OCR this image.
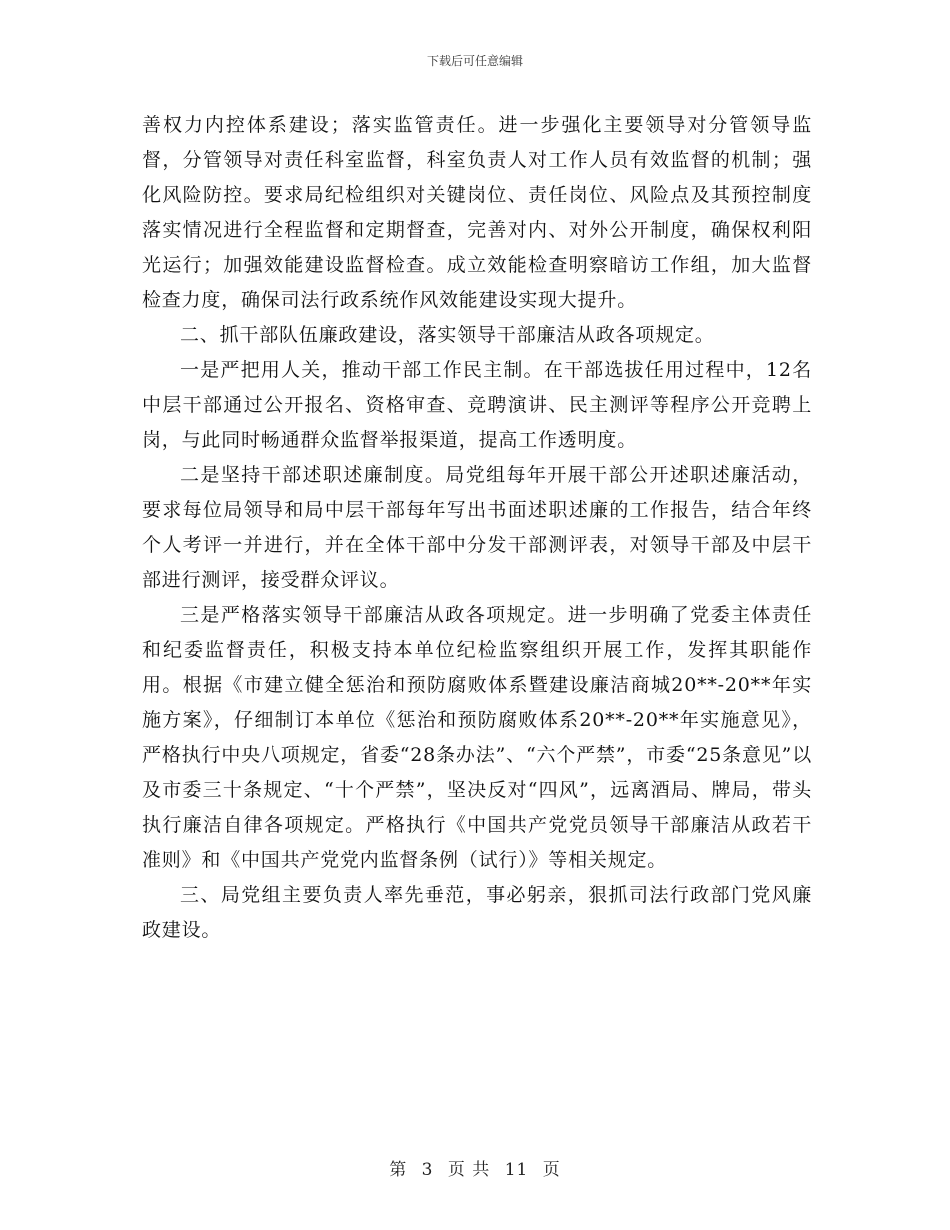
下载后可任意编辑

善权力内控体系建设；落实监管责任。进一步强化主要领导对分管领导监督，分管领导对责任科室监督，科室负责人对工作人员有效监督的机制；强化风险防控。要求局纪检组织对关键岗位、责任岗位、风险点及其预控制度落实情况进行全程监督和定期督查，完善对内、对外公开制度，确保权利阳光运行；加强效能建设监督检查。成立效能检查明察暗访工作组，加大监督检查力度，确保司法行政系统作风效能建设实现大提升。

二、抓干部队伍廉政建设，落实领导干部廉洁从政各项规定。

一是严把用人关，推动干部工作民主制。在干部选拔任用过程中，12名中层干部通过公开报名、资格审查、竞聘演讲、民主测评等程序公开竞聘上岗，与此同时畅通群众监督举报渠道，提高工作透明度。

二是坚持干部述职述廉制度。局党组每年开展干部公开述职述廉活动，要求每位局领导和局中层干部每年写出书面述职述廉的工作报告，结合年终个人考评一并进行，并在全体干部中分发干部测评表，对领导干部及中层干部进行测评，接受群众评议。

三是严格落实领导干部廉洁从政各项规定。进一步明确了党委主体责任和纪委监督责任，积极支持本单位纪检监察组织开展工作，发挥其职能作用。根据《市建立健全惩治和预防腐败体系暨建设廉洁商城20**-20**年实施方案》，仔细制订本单位《惩治和预防腐败体系20**-20**年实施意见》，严格执行中央八项规定，省委“28条办法”、“六个严禁”，市委“25条意见”以及市委三十条规定、“十个严禁”，坚决反对“四风”，远离酒局、牌局，带头执行廉洁自律各项规定。严格执行《中国共产党党员领导干部廉洁从政若干准则》和《中国共产党党内监督条例（试行）》等相关规定。

三、局党组主要负责人率先垂范，事必躬亲，狠抓司法行政部门党风廉政建设。

第 3 页 共 11 页
